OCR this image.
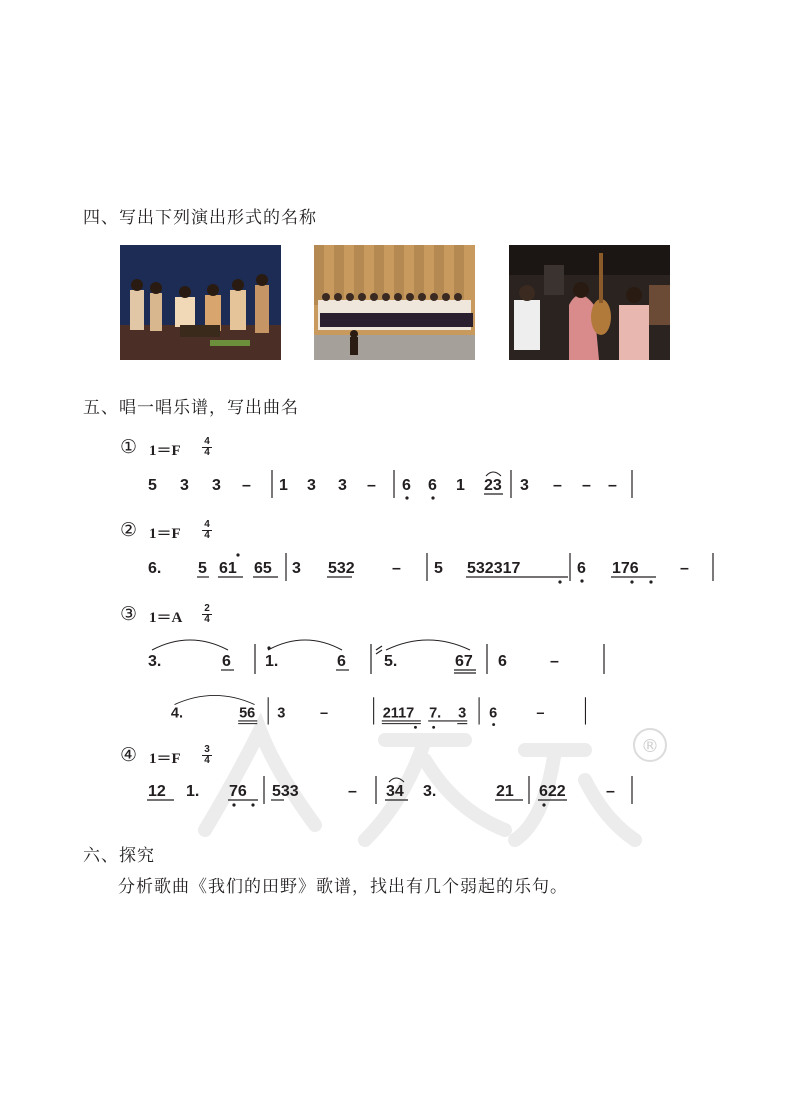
®
四、写出下列演出形式的名称
五、唱一唱乐谱，写出曲名
① 1＝F
4
4
5 3 3 – 1 3 3 – 6 6 1 23 3 – – –
② 1＝F
4
4
6. 5 61 65 3 532 – 5 532317	6 176	–
③ 1＝A
2
4
3.	6 1.	6 5.	67 6	–
4.	56 3 –	2117 7. 3 6 –
④ 1＝F
3
4
12 1. 76 533	– 34 3.	21 622	–
六、探究
分析歌曲《我们的田野》歌谱，找出有几个弱起的乐句。
